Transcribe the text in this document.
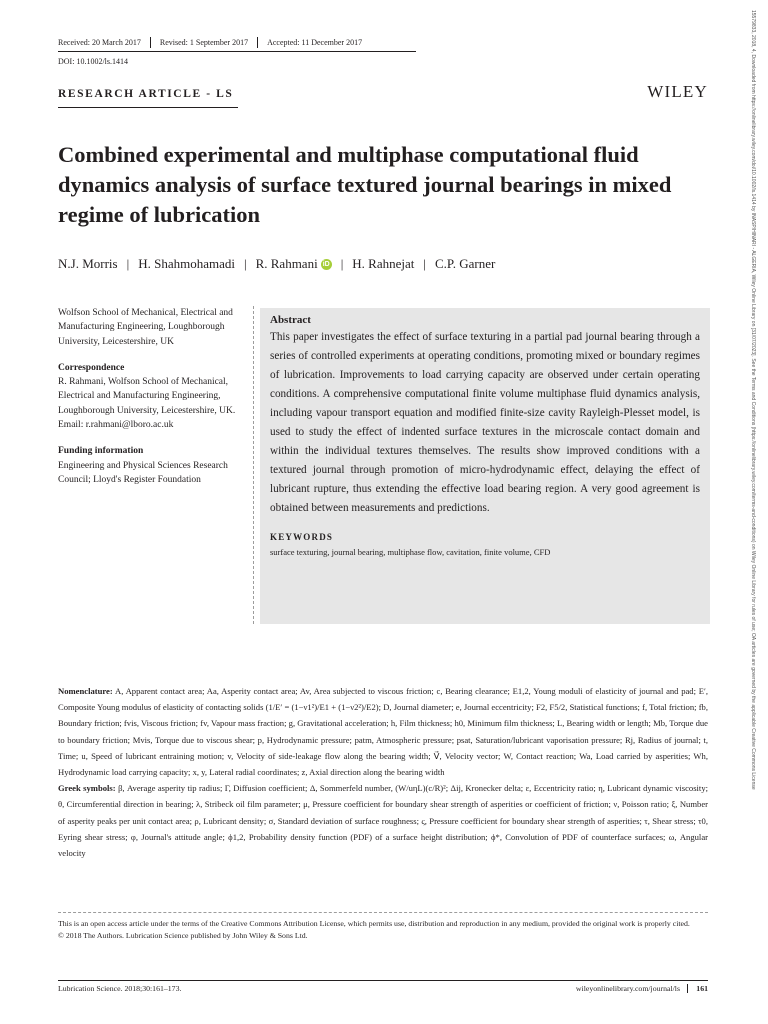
Received: 20 March 2017	Revised: 1 September 2017	Accepted: 11 December 2017
DOI: 10.1002/ls.1414
RESEARCH ARTICLE - LS	WILEY
Combined experimental and multiphase computational fluid dynamics analysis of surface textured journal bearings in mixed regime of lubrication
N.J. Morris | H. Shahmohamadi | R. Rahmani iD | H. Rahnejat | C.P. Garner
Wolfson School of Mechanical, Electrical and Manufacturing Engineering, Loughborough University, Leicestershire, UK
Correspondence
R. Rahmani, Wolfson School of Mechanical, Electrical and Manufacturing Engineering, Loughborough University, Leicestershire, UK.
Email: r.rahmani@lboro.ac.uk
Funding information
Engineering and Physical Sciences Research Council; Lloyd's Register Foundation
Abstract

This paper investigates the effect of surface texturing in a partial pad journal bearing through a series of controlled experiments at operating conditions, promoting mixed or boundary regimes of lubrication. Improvements to load carrying capacity are observed under certain operating conditions. A comprehensive computational finite volume multiphase fluid dynamics analysis, including vapour transport equation and modified finite-size cavity Rayleigh-Plesset model, is used to study the effect of indented surface textures in the microscale contact domain and within the individual textures themselves. The results show improved conditions with a textured journal through promotion of micro-hydrodynamic effect, delaying the effect of lubricant rupture, thus extending the effective load bearing region. A very good agreement is obtained between measurements and predictions.

KEYWORDS
surface texturing, journal bearing, multiphase flow, cavitation, finite volume, CFD

Nomenclature: A, Apparent contact area; Aa, Asperity contact area; Av, Area subjected to viscous friction; c, Bearing clearance; E1,2, Young moduli of elasticity of journal and pad; E′, Composite Young modulus of elasticity of contacting solids (1/E′ = (1−ν1²)/E1 + (1−ν2²)/E2); D, Journal diameter; e, Journal eccentricity; F2, F5/2, Statistical functions; f, Total friction; fb, Boundary friction; fvis, Viscous friction; fv, Vapour mass fraction; g, Gravitational acceleration; h, Film thickness; h0, Minimum film thickness; L, Bearing width or length; Mb, Torque due to boundary friction; Mvis, Torque due to viscous shear; p, Hydrodynamic pressure; patm, Atmospheric pressure; psat, Saturation/lubricant vaporisation pressure; Rj, Radius of journal; t, Time; u, Speed of lubricant entraining motion; v, Velocity of side-leakage flow along the bearing width; V⃗, Velocity vector; W, Contact reaction; Wa, Load carried by asperities; Wh, Hydrodynamic load carrying capacity; x, y, Lateral radial coordinates; z, Axial direction along the bearing width

Greek symbols: β, Average asperity tip radius; Γ, Diffusion coefficient; Δ, Sommerfeld number, (W/uηL)(c/R)²; Δij, Kronecker delta; ε, Eccentricity ratio; η, Lubricant dynamic viscosity; θ, Circumferential direction in bearing; λ, Stribeck oil film parameter; μ, Pressure coefficient for boundary shear strength of asperities or coefficient of friction; ν, Poisson ratio; ξ, Number of asperity peaks per unit contact area; ρ, Lubricant density; σ, Standard deviation of surface roughness; ς, Pressure coefficient for boundary shear strength of asperities; τ, Shear stress; τ0, Eyring shear stress; φ, Journal's attitude angle; ϕ1,2, Probability density function (PDF) of a surface height distribution; ϕ*, Convolution of PDF of counterface surfaces; ω, Angular velocity

This is an open access article under the terms of the Creative Commons Attribution License, which permits use, distribution and reproduction in any medium, provided the original work is properly cited.
© 2018 The Authors. Lubrication Science published by John Wiley & Sons Ltd.
Lubrication Science. 2018;30:161–173.	wileyonlinelibrary.com/journal/ls	161
15579833, 2018, 4, Downloaded from https://onlinelibrary.wiley.com/doi/10.1002/ls.1414 by INASP/HINARI - ALGERIA, Wiley Online Library on [31/07/2023]. See the Terms and Conditions (https://onlinelibrary.wiley.com/terms-and-conditions) on Wiley Online Library for rules of use; OA articles are governed by the applicable Creative Commons License
